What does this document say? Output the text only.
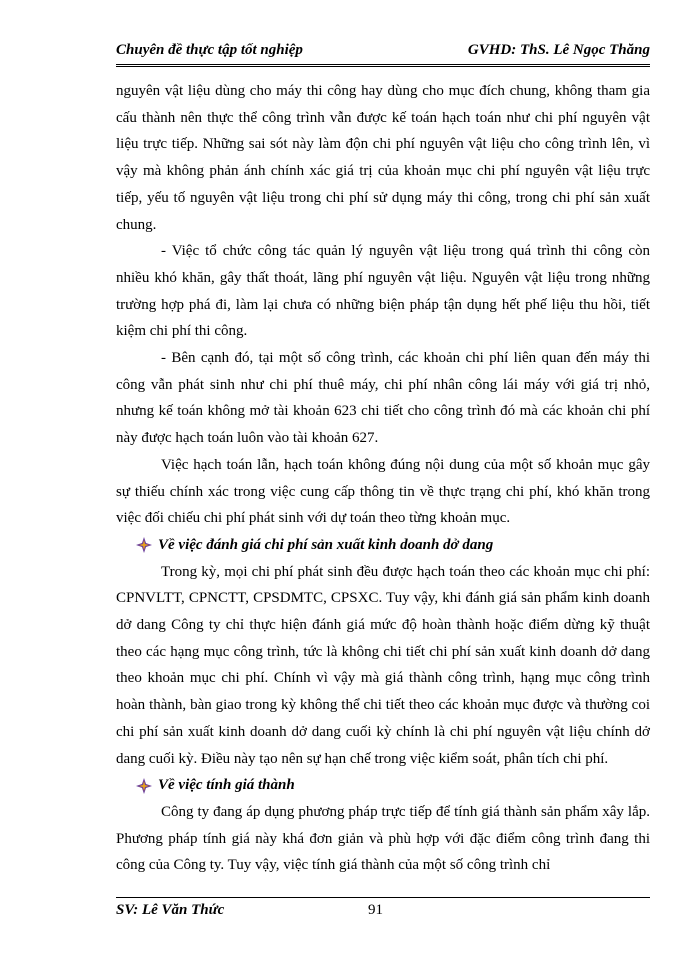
Chuyên đề thực tập tốt nghiệp	GVHD: ThS. Lê Ngọc Thăng

nguyên vật liệu dùng cho máy thi công hay dùng cho mục đích chung, không tham gia cấu thành nên thực thể công trình vẫn được kế toán hạch toán như chi phí nguyên vật liệu trực tiếp. Những sai sót này làm độn chi phí nguyên vật liệu cho công trình lên, vì vậy mà không phản ánh chính xác giá trị của khoản mục chi phí nguyên vật liệu trực tiếp, yếu tố nguyên vật liệu trong chi phí sử dụng máy thi công, trong chi phí sản xuất chung.

- Việc tổ chức công tác quản lý nguyên vật liệu trong quá trình thi công còn nhiều khó khăn, gây thất thoát, lãng phí nguyên vật liệu. Nguyên vật liệu trong những trường hợp phá đi, làm lại chưa có những biện pháp tận dụng hết phế liệu thu hồi, tiết kiệm chi phí thi công.

- Bên cạnh đó, tại một số công trình, các khoản chi phí liên quan đến máy thi công vẫn phát sinh như chi phí thuê máy, chi phí nhân công lái máy với giá trị nhỏ, nhưng kế toán không mở tài khoản 623 chi tiết cho công trình đó mà các khoản chi phí này được hạch toán luôn vào tài khoản 627.

Việc hạch toán lẫn, hạch toán không đúng nội dung của một số khoản mục gây sự thiếu chính xác trong việc cung cấp thông tin về thực trạng chi phí, khó khăn trong việc đối chiếu chi phí phát sinh với dự toán theo từng khoản mục.

Về việc đánh giá chi phí sản xuất kinh doanh dở dang

Trong kỳ, mọi chi phí phát sinh đều được hạch toán theo các khoản mục chi phí: CPNVLTT, CPNCTT, CPSDMTC, CPSXC. Tuy vậy, khi đánh giá sản phẩm kinh doanh dở dang Công ty chỉ thực hiện đánh giá mức độ hoàn thành hoặc điểm dừng kỹ thuật theo các hạng mục công trình, tức là không chi tiết chi phí sản xuất kinh doanh dở dang theo khoản mục chi phí. Chính vì vậy mà giá thành công trình, hạng mục công trình hoàn thành, bàn giao trong kỳ không thể chi tiết theo các khoản mục được và thường coi chi phí sản xuất kinh doanh dở dang cuối kỳ chính là chi phí nguyên vật liệu chính dở dang cuối kỳ. Điều này tạo nên sự hạn chế trong việc kiểm soát, phân tích chi phí.

Về việc tính giá thành

Công ty đang áp dụng phương pháp trực tiếp để tính giá thành sản phẩm xây lắp. Phương pháp tính giá này khá đơn giản và phù hợp với đặc điểm công trình đang thi công của Công ty. Tuy vậy, việc tính giá thành của một số công trình chỉ

SV: Lê Văn Thức	91
